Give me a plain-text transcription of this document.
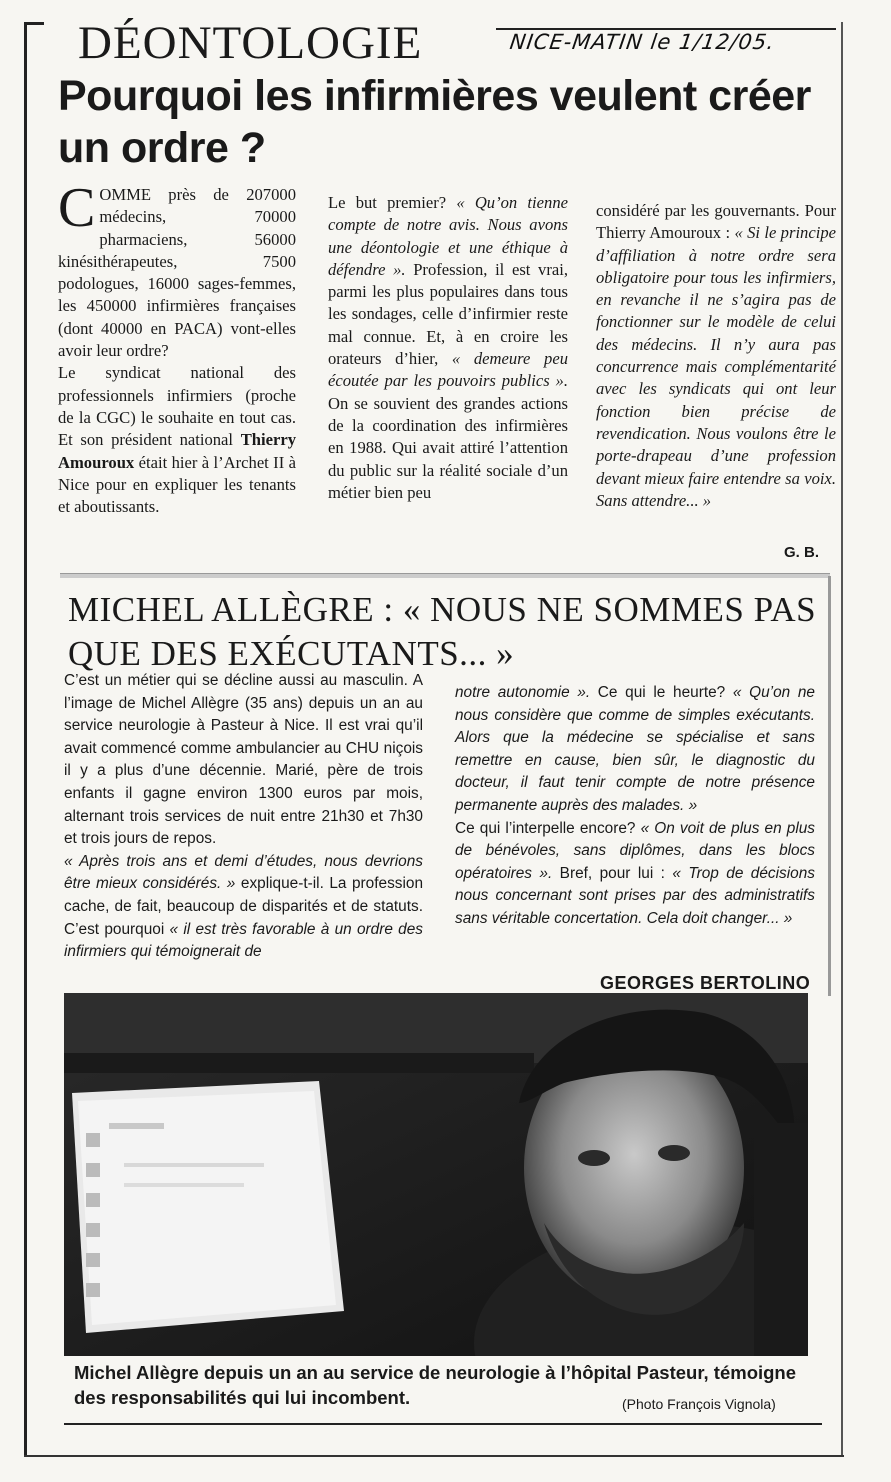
DÉONTOLOGIE	NICE-MATIN le 1/12/05.
Pourquoi les infirmières veulent créer un ordre ?
COMME près de 207000 médecins, 70000 pharmaciens, 56000 kinésithérapeutes, 7500 podologues, 16000 sages-femmes, les 450000 infirmières françaises (dont 40000 en PACA) vont-elles avoir leur ordre?
Le syndicat national des professionnels infirmiers (proche de la CGC) le souhaite en tout cas. Et son président national Thierry Amouroux était hier à l’Archet II à Nice pour en expliquer les tenants et aboutissants.
Le but premier? « Qu’on tienne compte de notre avis. Nous avons une déontologie et une éthique à défendre ». Profession, il est vrai, parmi les plus populaires dans tous les sondages, celle d’infirmier reste mal connue. Et, à en croire les orateurs d’hier, « demeure peu écoutée par les pouvoirs publics ». On se souvient des grandes actions de la coordination des infirmières en 1988. Qui avait attiré l’attention du public sur la réalité sociale d’un métier bien peu
considéré par les gouvernants. Pour Thierry Amouroux : « Si le principe d’affiliation à notre ordre sera obligatoire pour tous les infirmiers, en revanche il ne s’agira pas de fonctionner sur le modèle de celui des médecins. Il n’y aura pas concurrence mais complémentarité avec les syndicats qui ont leur fonction bien précise de revendication. Nous voulons être le porte-drapeau d’une profession devant mieux faire entendre sa voix. Sans attendre... »
G. B.
MICHEL ALLÈGRE : « NOUS NE SOMMES PAS QUE DES EXÉCUTANTS... »
C’est un métier qui se décline aussi au masculin. A l’image de Michel Allègre (35 ans) depuis un an au service neurologie à Pasteur à Nice. Il est vrai qu’il avait commencé comme ambulancier au CHU niçois il y a plus d’une décennie. Marié, père de trois enfants il gagne environ 1300 euros par mois, alternant trois services de nuit entre 21h30 et 7h30 et trois jours de repos.
« Après trois ans et demi d’études, nous devrions être mieux considérés. » explique-t-il. La profession cache, de fait, beaucoup de disparités et de statuts. C’est pourquoi « il est très favorable à un ordre des infirmiers qui témoignerait de
notre autonomie ». Ce qui le heurte? « Qu’on ne nous considère que comme de simples exécutants. Alors que la médecine se spécialise et sans remettre en cause, bien sûr, le diagnostic du docteur, il faut tenir compte de notre présence permanente auprès des malades. »
Ce qui l’interpelle encore? « On voit de plus en plus de bénévoles, sans diplômes, dans les blocs opératoires ». Bref, pour lui : « Trop de décisions nous concernant sont prises par des administratifs sans véritable concertation. Cela doit changer... »
GEORGES BERTOLINO
Michel Allègre depuis un an au service de neurologie à l’hôpital Pasteur, témoigne des responsabilités qui lui incombent.	(Photo François Vignola)
